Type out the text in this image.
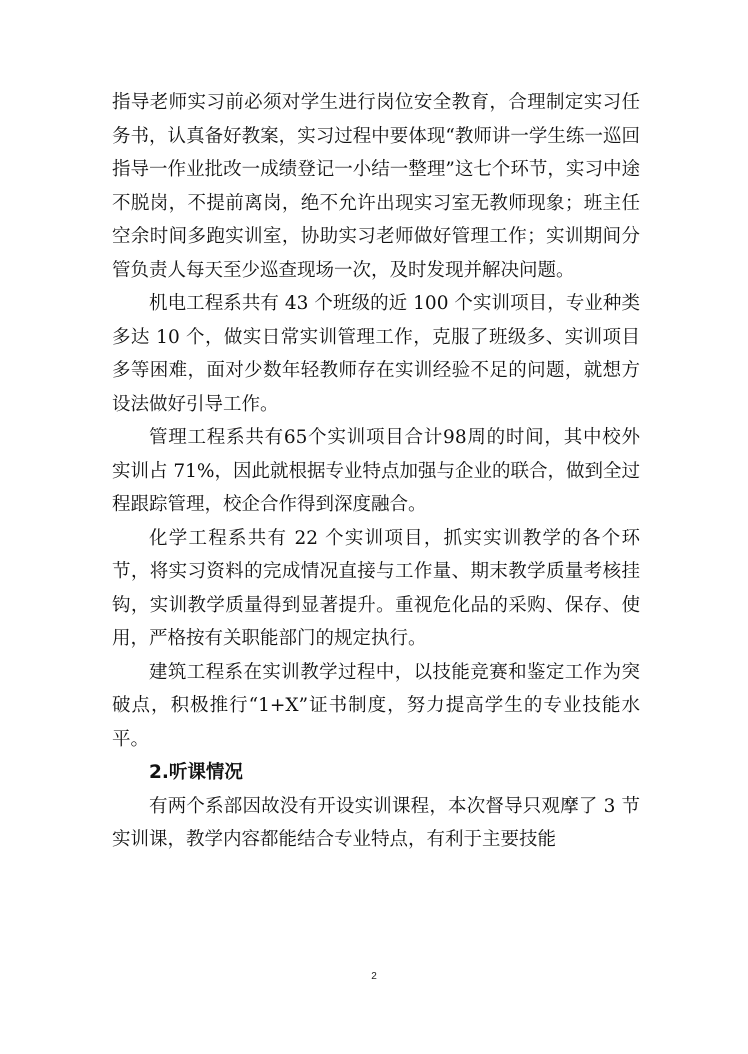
指导老师实习前必须对学生进行岗位安全教育，合理制定实习任务书，认真备好教案，实习过程中要体现“教师讲一学生练一巡回指导一作业批改一成绩登记一小结一整理”这七个环节，实习中途不脱岗，不提前离岗，绝不允许出现实习室无教师现象；班主任空余时间多跑实训室，协助实习老师做好管理工作；实训期间分管负责人每天至少巡查现场一次，及时发现并解决问题。

机电工程系共有 43 个班级的近 100 个实训项目，专业种类多达 10 个，做实日常实训管理工作，克服了班级多、实训项目多等困难，面对少数年轻教师存在实训经验不足的问题，就想方设法做好引导工作。

管理工程系共有65个实训项目合计98周的时间，其中校外实训占 71%，因此就根据专业特点加强与企业的联合，做到全过程跟踪管理，校企合作得到深度融合。

化学工程系共有 22 个实训项目，抓实实训教学的各个环节，将实习资料的完成情况直接与工作量、期末教学质量考核挂钩，实训教学质量得到显著提升。重视危化品的采购、保存、使用，严格按有关职能部门的规定执行。

建筑工程系在实训教学过程中，以技能竞赛和鉴定工作为突破点，积极推行“1+X”证书制度，努力提高学生的专业技能水平。

2.听课情况

有两个系部因故没有开设实训课程，本次督导只观摩了 3 节实训课，教学内容都能结合专业特点，有利于主要技能

2
